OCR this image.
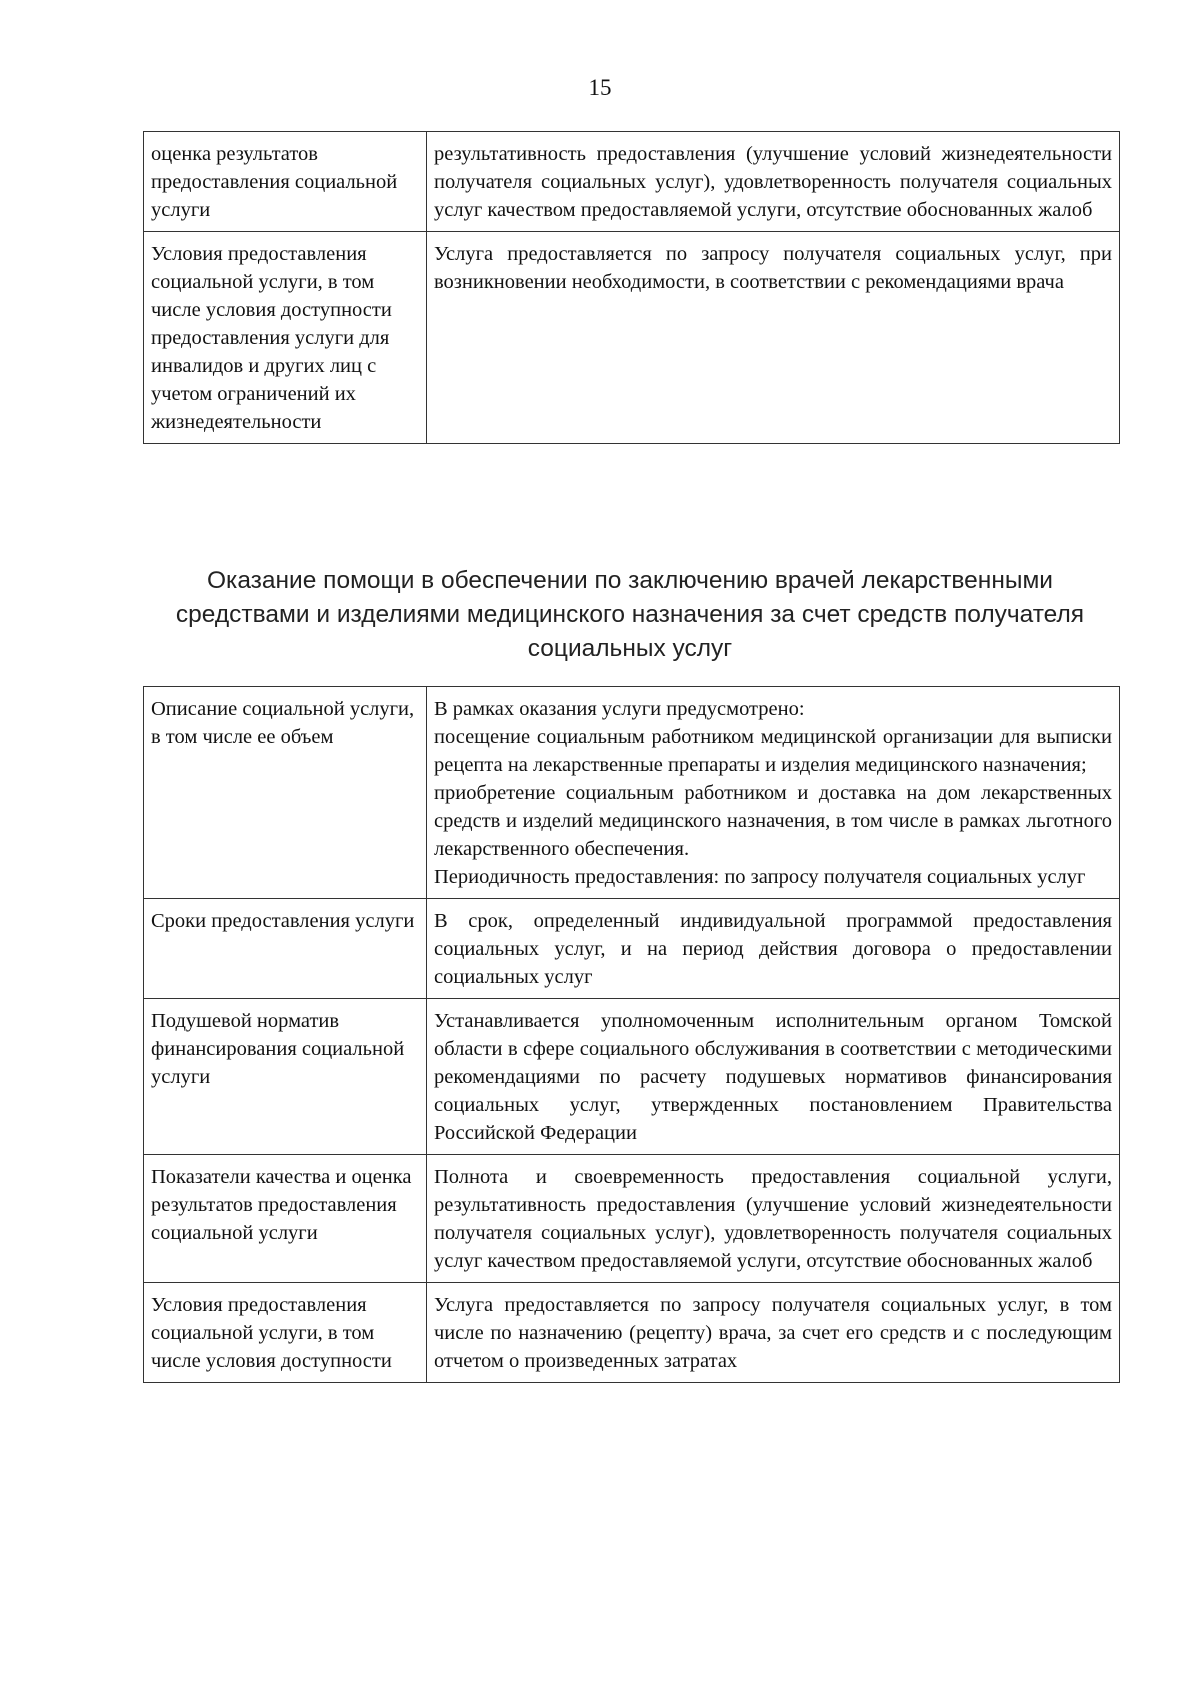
15
оценка результатов предоставления социальной услуги	результативность предоставления (улучшение условий жизнедеятельности получателя социальных услуг), удовлетворенность получателя социальных услуг качеством предоставляемой услуги, отсутствие обоснованных жалоб

Условия предоставления социальной услуги, в том числе условия доступности предоставления услуги для инвалидов и других лиц с учетом ограничений их жизнедеятельности	Услуга предоставляется по запросу получателя социальных услуг, при возникновении необходимости, в соответствии с рекомендациями врача
Оказание помощи в обеспечении по заключению врачей лекарственными средствами и изделиями медицинского назначения за счет средств получателя социальных услуг
Описание социальной услуги, в том числе ее объем	В рамках оказания услуги предусмотрено:
посещение социальным работником медицинской организации для выписки рецепта на лекарственные препараты и изделия медицинского назначения;
приобретение социальным работником и доставка на дом лекарственных средств и изделий медицинского назначения, в том числе в рамках льготного лекарственного обеспечения.
Периодичность предоставления: по запросу получателя социальных услуг

Сроки предоставления услуги	В срок, определенный индивидуальной программой предоставления социальных услуг, и на период действия договора о предоставлении социальных услуг

Подушевой норматив финансирования социальной услуги	Устанавливается уполномоченным исполнительным органом Томской области в сфере социального обслуживания в соответствии с методическими рекомендациями по расчету подушевых нормативов финансирования социальных услуг, утвержденных постановлением Правительства Российской Федерации

Показатели качества и оценка результатов предоставления социальной услуги	Полнота и своевременность предоставления социальной услуги, результативность предоставления (улучшение условий жизнедеятельности получателя социальных услуг), удовлетворенность получателя социальных услуг качеством предоставляемой услуги, отсутствие обоснованных жалоб

Условия предоставления социальной услуги, в том числе условия доступности	Услуга предоставляется по запросу получателя социальных услуг, в том числе по назначению (рецепту) врача, за счет его средств и с последующим отчетом о произведенных затратах
